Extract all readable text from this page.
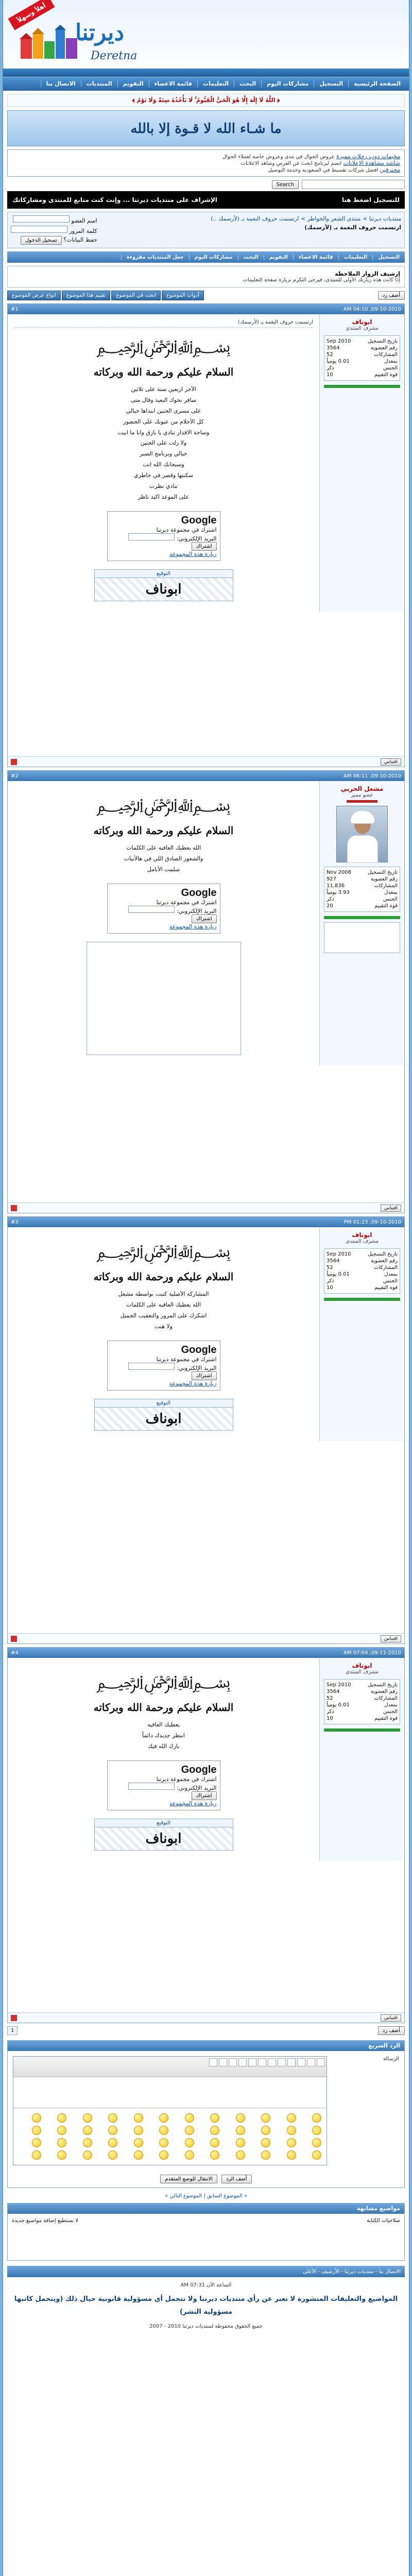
أهلاً وسهلاً
ديرتنا
Deretna
الصفحة الرئيسية
التسجيل
مشاركات اليوم
البحث
التعليمات
قائمة الاعضاء
التقويم
المنتديات
الاتصال بنا
﴿ اللَّهُ لَا إِلَٰهَ إِلَّا هُوَ الْحَيُّ الْقَيُّومُ ۚ لَا تَأْخُذُهُ سِنَةٌ وَلَا نَوْمٌ ﴾
ما شـاء الله لا قـوة إلا بالله
مخيمات دوب رحلات مميزة عروض الجوال في مدى وعروض خاصة لعملاء الجوال
شاشة مشاهدة الإعلانات انضم لبرنامج ابحث عن الفرص وشاهد الاعلانات
محترفين افضل شركات تقسيط في السعودية وخدمة التوصيل
Search
للتسجيل اضغط هنا
الإشراف على منتديات ديرتنا ... وإنت كنت متابع للمنتدى ومشاركاتك
منتديات ديرتنا > منتدى الشعر والخواطر > ارتسمت حروف النغمة بـ (لأرسمك ..)
ارتسمت حروف النغمة بـ (لأرسمك)
اسم العضو
كلمة المرور
حفظ البيانات؟ تسجيل الدخول
التسجيل
التعليمات
قائمة الاعضاء
التقويم
البحث
مشاركات اليوم
جعل المنتديات مقروءة
إرشيف الزوار الملاحظة
إذا كانت هذه زيارتك الأولى للمنتدى، فيرجى التكرم بزيارة صفحة التعليمات
أضف رد
أدوات الموضوع
ابحث في الموضوع
تقييم هذا الموضوع
انواع عرض الموضوع
09-10-2010, 04:10 AM
#1
ابوناف
مشرف المنتدى
تاريخ التسجيل
Sep 2010
رقم العضوية
3564
المشاركات
52
بمعدل
0.01 يومياً
الجنس
ذكر
قوة التقييم
10
ارتسمت حروف النغمة بـ (لأرسمك)
﷽
السلام عليكم ورحمة الله وبركاته
الآخر اربعين سنة على ثلاثين
سافر نحوك البعيد وقال متى
على مسرى الحنين ابتداها خيالي
كل الأحلام من عيونك على الحضور
وساحة الاقدار تنادي يا بارق وانا ما ابيت
ولا زلت على الحنين
خيالي وبرنامج الصبر
وسبحانك الله انت
سكنتها وقصر في خاطري
تنادي نظرت
على الموعد اكيد ناظر
Google
اشترك في مجموعة ديرتنا
البريد الإلكتروني:
اشتراك
زيارة هذه المجموعة
التوقيع
ابوناف
اقتباس
09-10-2010, 06:11 AM
#2
مشعل الحربي
عضو مميز
تاريخ التسجيل
Nov 2008
رقم العضوية
927
المشاركات
11,836
بمعدل
3.93 يومياً
الجنس
ذكر
قوة التقييم
20
﷽
السلام عليكم ورحمة الله وبركاته
الله يعطيك العافيه على الكلمات
والشعور الصادق اللي في هالأبيات
سلمت الأنامل
Google
اشترك في مجموعة ديرتنا
البريد الإلكتروني:
اشتراك
زيارة هذه المجموعة
اقتباس
09-10-2010, 01:23 PM
#3
ابوناف
مشرف المنتدى
تاريخ التسجيل
Sep 2010
رقم العضوية
3564
المشاركات
52
بمعدل
0.01 يومياً
الجنس
ذكر
قوة التقييم
10
﷽
السلام عليكم ورحمة الله وبركاته
المشاركة الأصلية كتبت بواسطة مشعل
الله يعطيك العافيه على الكلمات
اشكرك على المرور والتعقيب الجميل
ولا هنت
Google
اشترك في مجموعة ديرتنا
البريد الإلكتروني:
اشتراك
زيارة هذه المجموعة
التوقيع
ابوناف
اقتباس
09-11-2010, 07:04 AM
#4
ابوناف
مشرف المنتدى
تاريخ التسجيل
Sep 2010
رقم العضوية
3564
المشاركات
52
بمعدل
0.01 يومياً
الجنس
ذكر
قوة التقييم
10
﷽
السلام عليكم ورحمة الله وبركاته
يعطيك العافيه
انتظر جديدك دائماً
بارك الله فيك
Google
اشترك في مجموعة ديرتنا
البريد الإلكتروني:
اشتراك
زيارة هذه المجموعة
التوقيع
ابوناف
اقتباس
أضف رد
1
الرد السريع
الرسالة
أضف الرد
الانتقال للوضع المتقدم
« الموضوع السابق | الموضوع التالي »
مواضيع مشابهة
صلاحيات الكتابة
لا تستطيع إضافة مواضيع جديدة
الاتصال بنا - منتديات ديرتنا - الأرشيف - الأعلى
الساعة الآن 07:31 AM
المواضيع والتعليقات المنشورة لا تعبر عن رأي منتديات ديرتنا ولا نتحمل أي مسؤولية قانونية حيال ذلك (ويتحمل كاتبها مسؤولية النشر)
جميع الحقوق محفوظة لمنتديات ديرتنا 2010 - 2007
